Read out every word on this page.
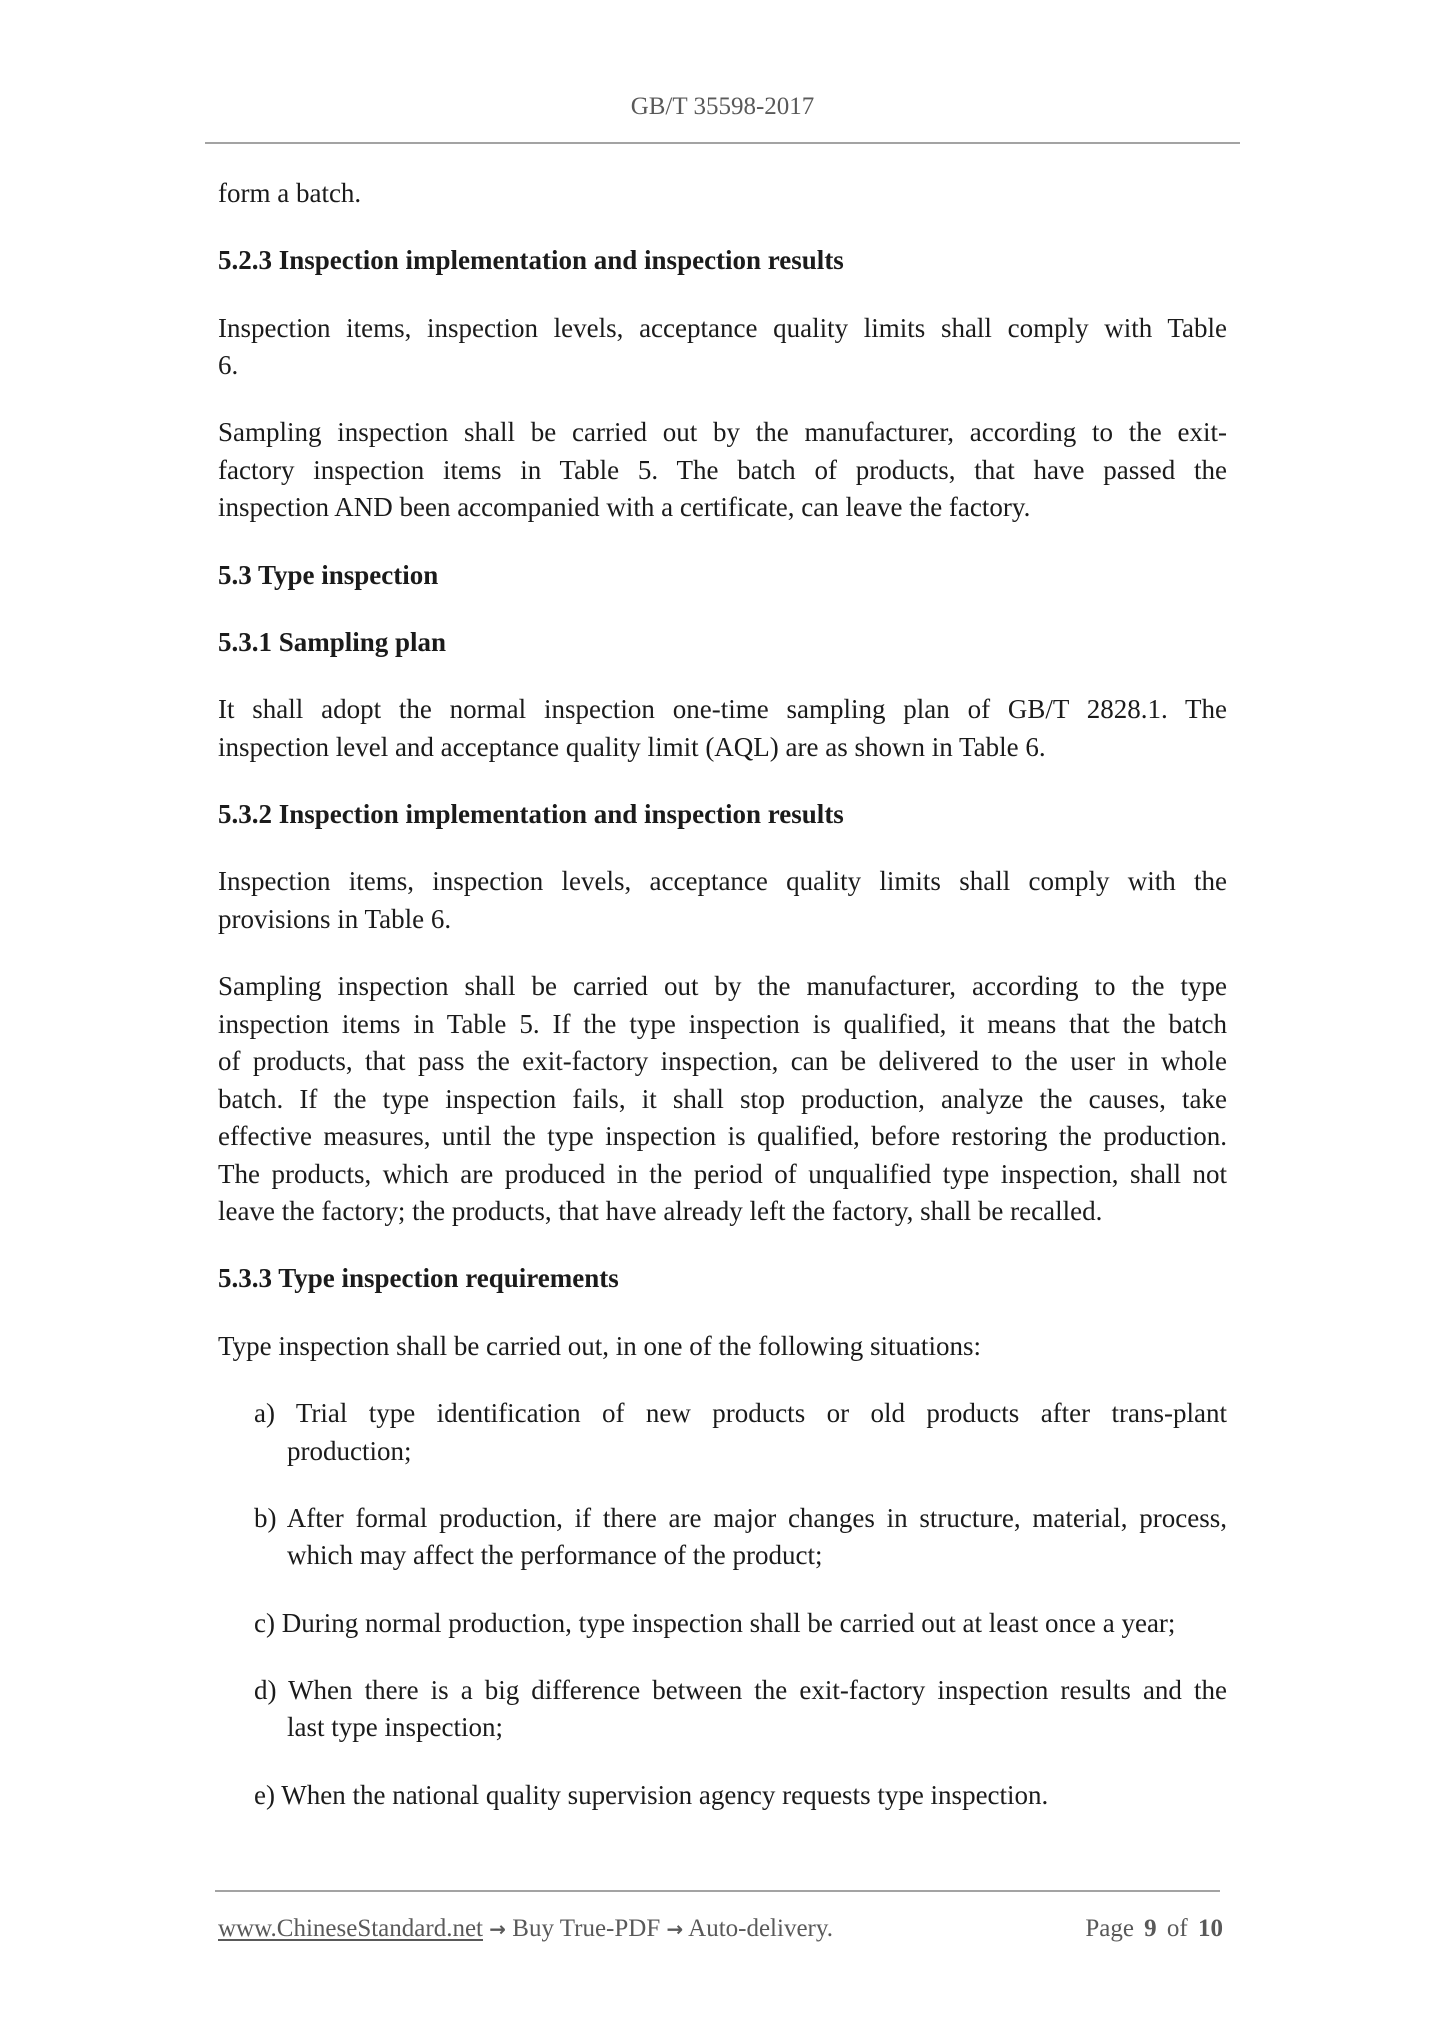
GB/T 35598-2017
form a batch.
5.2.3 Inspection implementation and inspection results
Inspection items, inspection levels, acceptance quality limits shall comply with Table
6.
Sampling inspection shall be carried out by the manufacturer, according to the exit-
factory inspection items in Table 5. The batch of products, that have passed the
inspection AND been accompanied with a certificate, can leave the factory.
5.3 Type inspection
5.3.1 Sampling plan
It shall adopt the normal inspection one-time sampling plan of GB/T 2828.1. The
inspection level and acceptance quality limit (AQL) are as shown in Table 6.
5.3.2 Inspection implementation and inspection results
Inspection items, inspection levels, acceptance quality limits shall comply with the
provisions in Table 6.
Sampling inspection shall be carried out by the manufacturer, according to the type
inspection items in Table 5. If the type inspection is qualified, it means that the batch
of products, that pass the exit-factory inspection, can be delivered to the user in whole
batch. If the type inspection fails, it shall stop production, analyze the causes, take
effective measures, until the type inspection is qualified, before restoring the production.
The products, which are produced in the period of unqualified type inspection, shall not
leave the factory; the products, that have already left the factory, shall be recalled.
5.3.3 Type inspection requirements
Type inspection shall be carried out, in one of the following situations:
a) Trial type identification of new products or old products after trans-plant
production;
b) After formal production, if there are major changes in structure, material, process,
which may affect the performance of the product;
c) During normal production, type inspection shall be carried out at least once a year;
d) When there is a big difference between the exit-factory inspection results and the
last type inspection;
e) When the national quality supervision agency requests type inspection.
www.ChineseStandard.net → Buy True-PDF → Auto-delivery.	Page 9 of 10
